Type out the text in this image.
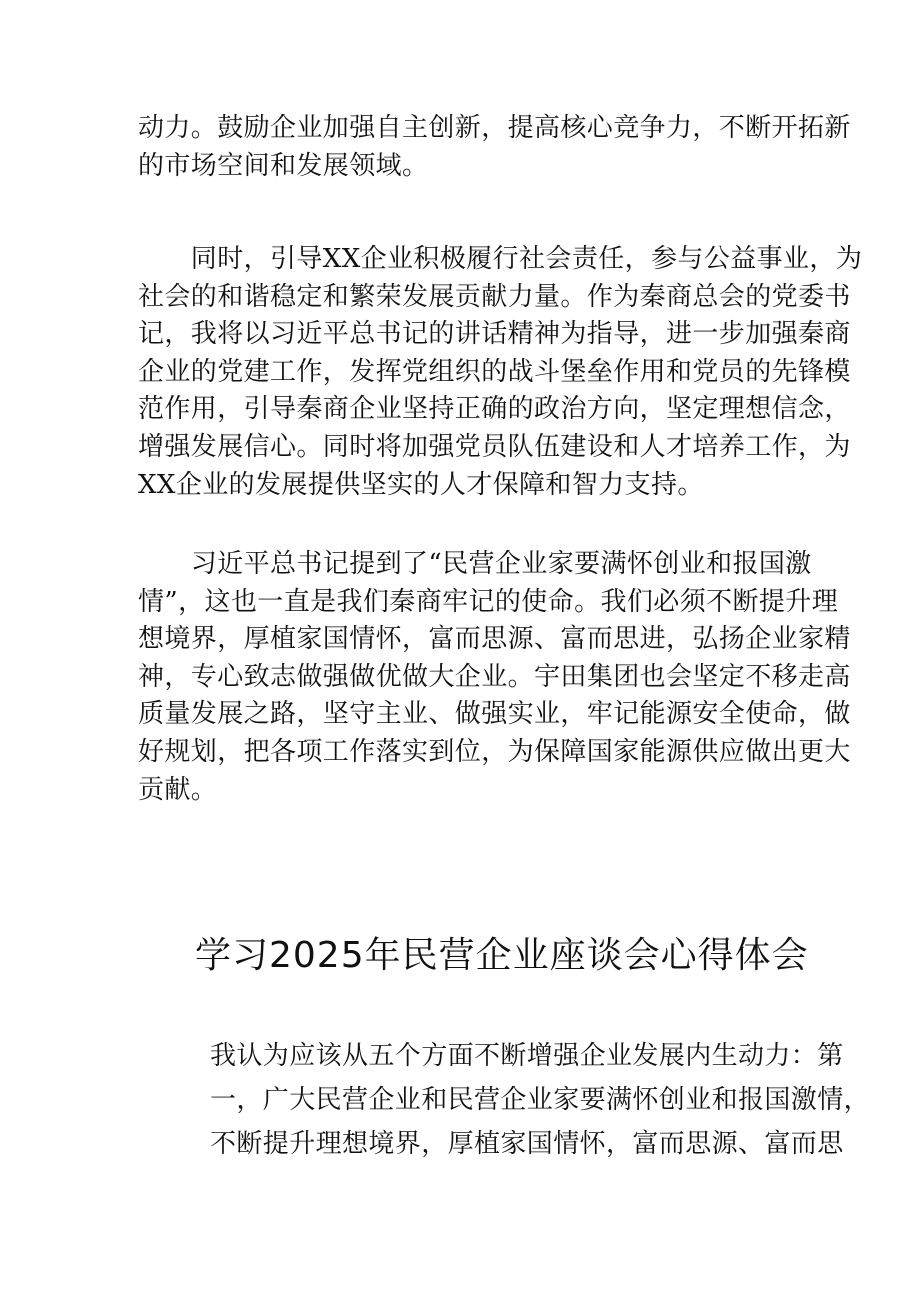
动力。鼓励企业加强自主创新，提高核心竞争力，不断开拓新
的市场空间和发展领域。
　　同时，引导XX企业积极履行社会责任，参与公益事业，为
社会的和谐稳定和繁荣发展贡献力量。作为秦商总会的党委书
记，我将以习近平总书记的讲话精神为指导，进一步加强秦商
企业的党建工作，发挥党组织的战斗堡垒作用和党员的先锋模
范作用，引导秦商企业坚持正确的政治方向，坚定理想信念，
增强发展信心。同时将加强党员队伍建设和人才培养工作，为
XX企业的发展提供坚实的人才保障和智力支持。
　　习近平总书记提到了“民营企业家要满怀创业和报国激
情”，这也一直是我们秦商牢记的使命。我们必须不断提升理
想境界，厚植家国情怀，富而思源、富而思进，弘扬企业家精
神，专心致志做强做优做大企业。宇田集团也会坚定不移走高
质量发展之路，坚守主业、做强实业，牢记能源安全使命，做
好规划，把各项工作落实到位，为保障国家能源供应做出更大
贡献。
学习2025年民营企业座谈会心得体会
我认为应该从五个方面不断增强企业发展内生动力：第
一，广大民营企业和民营企业家要满怀创业和报国激情，
不断提升理想境界，厚植家国情怀，富而思源、富而思
